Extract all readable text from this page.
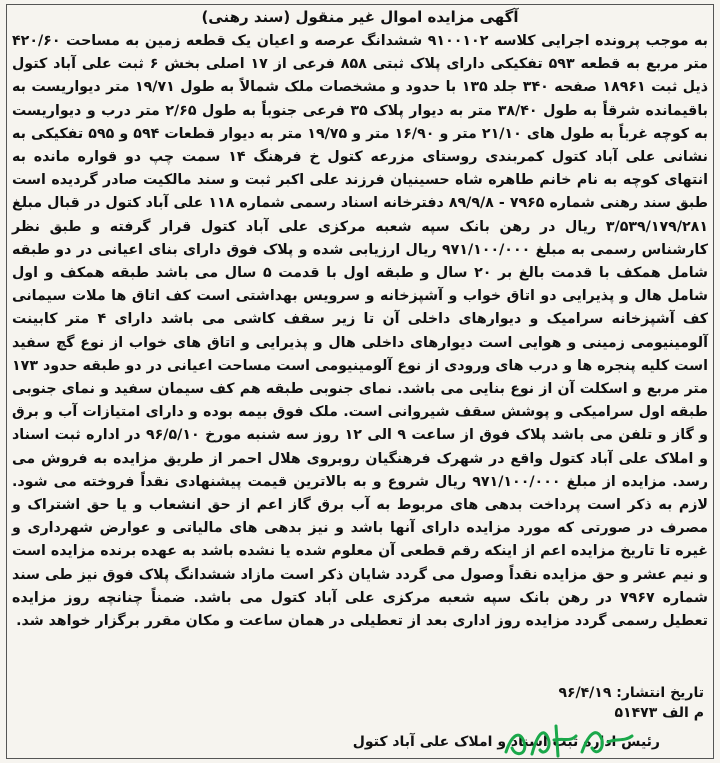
آگهی مزایده اموال غیر منقول (سند رهنی)

به موجب پرونده اجرایی کلاسه ۹۱۰۰۱۰۲ ششدانگ عرصه و اعیان یک قطعه زمین به مساحت ۴۲۰/۶۰ متر مربع به قطعه ۵۹۳ تفکیکی دارای پلاک ثبتی ۸۵۸ فرعی از ۱۷ اصلی بخش ۶ ثبت علی آباد کتول ذیل ثبت ۱۸۹۶۱ صفحه ۳۴۰ جلد ۱۳۵ با حدود و مشخصات ملک شمالاً به طول ۱۹/۷۱ متر دیواریست به باقیمانده شرقاً به طول ۳۸/۴۰ متر به دیوار پلاک ۳۵ فرعی جنوباً به طول ۲/۶۵ متر درب و دیواریست به کوچه غرباً به طول های ۲۱/۱۰ متر و ۱۶/۹۰ متر و ۱۹/۷۵ متر به دیوار قطعات ۵۹۴ و ۵۹۵ تفکیکی به نشانی علی آباد کتول کمربندی روستای مزرعه کتول خ فرهنگ ۱۴ سمت چپ دو قواره مانده به انتهای کوچه به نام خانم طاهره شاه حسینیان فرزند علی اکبر ثبت و سند مالکیت صادر گردیده است طبق سند رهنی شماره ۷۹۶۵ - ۸۹/۹/۸ دفترخانه اسناد رسمی شماره ۱۱۸ علی آباد کتول در قبال مبلغ ۳/۵۳۹/۱۷۹/۲۸۱ ریال در رهن بانک سپه شعبه مرکزی علی آباد کتول قرار گرفته و طبق نظر کارشناس رسمی به مبلغ ۹۷۱/۱۰۰/۰۰۰ ریال ارزیابی شده و پلاک فوق دارای بنای اعیانی در دو طبقه شامل همکف با قدمت بالغ بر ۲۰ سال و طبقه اول با قدمت ۵ سال می باشد طبقه همکف و اول شامل هال و پذیرایی دو اتاق خواب و آشپزخانه و سرویس بهداشتی است کف اتاق ها ملات سیمانی کف آشپزخانه سرامیک و دیوارهای داخلی آن تا زیر سقف کاشی می باشد دارای ۴ متر کابینت آلومینیومی زمینی و هوایی است دیوارهای داخلی هال و پذیرایی و اتاق های خواب از نوع گچ سفید است کلیه پنجره ها و درب های ورودی از نوع آلومینیومی است مساحت اعیانی در دو طبقه حدود ۱۷۳ متر مربع و اسکلت آن از نوع بنایی می باشد. نمای جنوبی طبقه هم کف سیمان سفید و نمای جنوبی طبقه اول سرامیکی و پوشش سقف شیروانی است. ملک فوق بیمه بوده و دارای امتیازات آب و برق و گاز و تلفن می باشد پلاک فوق از ساعت ۹ الی ۱۲ روز سه شنبه مورخ ۹۶/۵/۱۰ در اداره ثبت اسناد و املاک علی آباد کتول واقع در شهرک فرهنگیان روبروی هلال احمر از طریق مزایده به فروش می رسد. مزایده از مبلغ ۹۷۱/۱۰۰/۰۰۰ ریال شروع و به بالاترین قیمت پیشنهادی نقداً فروخته می شود. لازم به ذکر است پرداخت بدهی های مربوط به آب برق گاز اعم از حق انشعاب و یا حق اشتراک و مصرف در صورتی که مورد مزایده دارای آنها باشد و نیز بدهی های مالیاتی و عوارض شهرداری و غیره تا تاریخ مزایده اعم از اینکه رقم قطعی آن معلوم شده یا نشده باشد به عهده برنده مزایده است و نیم عشر و حق مزایده نقداً وصول می گردد شایان ذکر است مازاد ششدانگ پلاک فوق نیز طی سند شماره ۷۹۶۷ در رهن بانک سپه شعبه مرکزی علی آباد کتول می باشد. ضمناً چنانچه روز مزایده تعطیل رسمی گردد مزایده روز اداری بعد از تعطیلی در همان ساعت و مکان مقرر برگزار خواهد شد.

تاریخ انتشار: ۹۶/۴/۱۹
م الف ۵۱۴۷۳
رئیس اداره ثبت اسناد و املاک علی آباد کتول
